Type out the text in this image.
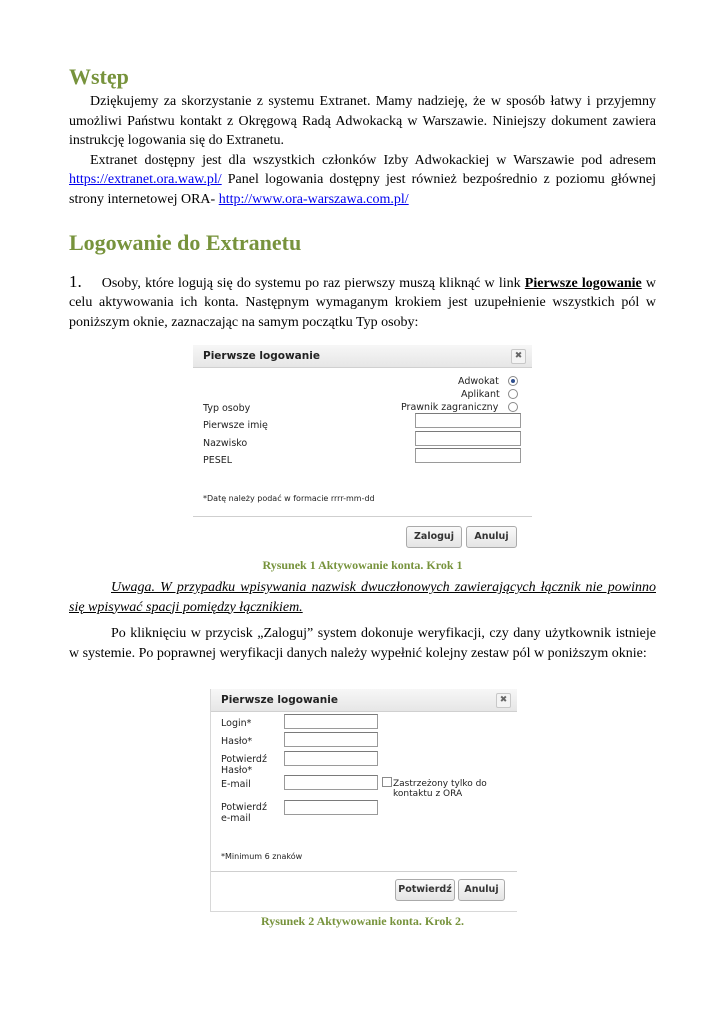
Wstęp

Dziękujemy za skorzystanie z systemu Extranet. Mamy nadzieję, że w sposób łatwy i przyjemny umożliwi Państwu kontakt z Okręgową Radą Adwokacką w Warszawie. Niniejszy dokument zawiera instrukcję logowania się do Extranetu.

Extranet dostępny jest dla wszystkich członków Izby Adwokackiej w Warszawie pod adresem https://extranet.ora.waw.pl/ Panel logowania dostępny jest również bezpośrednio z poziomu głównej strony internetowej ORA- http://www.ora-warszawa.com.pl/

Logowanie do Extranetu

1. Osoby, które logują się do systemu po raz pierwszy muszą kliknąć w link Pierwsze logowanie w celu aktywowania ich konta. Następnym wymaganym krokiem jest uzupełnienie wszystkich pól w poniższym oknie, zaznaczając na samym początku Typ osoby:

Pierwsze logowanie	✖
Adwokat
Aplikant
Prawnik zagraniczny
Typ osoby
Pierwsze imię
Nazwisko
PESEL
*Datę należy podać w formacie rrrr-mm-dd
Zaloguj	Anuluj
Rysunek 1 Aktywowanie konta. Krok 1

Uwaga. W przypadku wpisywania nazwisk dwuczłonowych zawierających łącznik nie powinno się wpisywać spacji pomiędzy łącznikiem.

Po kliknięciu w przycisk „Zaloguj” system dokonuje weryfikacji, czy dany użytkownik istnieje w systemie. Po poprawnej weryfikacji danych należy wypełnić kolejny zestaw pól w poniższym oknie:

Pierwsze logowanie	✖
Login*
Hasło*
Potwierdź
Hasło*
E-mail	Zastrzeżony tylko do
kontaktu z ORA
Potwierdź
e-mail
*Minimum 6 znaków
Potwierdź	Anuluj
Rysunek 2 Aktywowanie konta. Krok 2.
